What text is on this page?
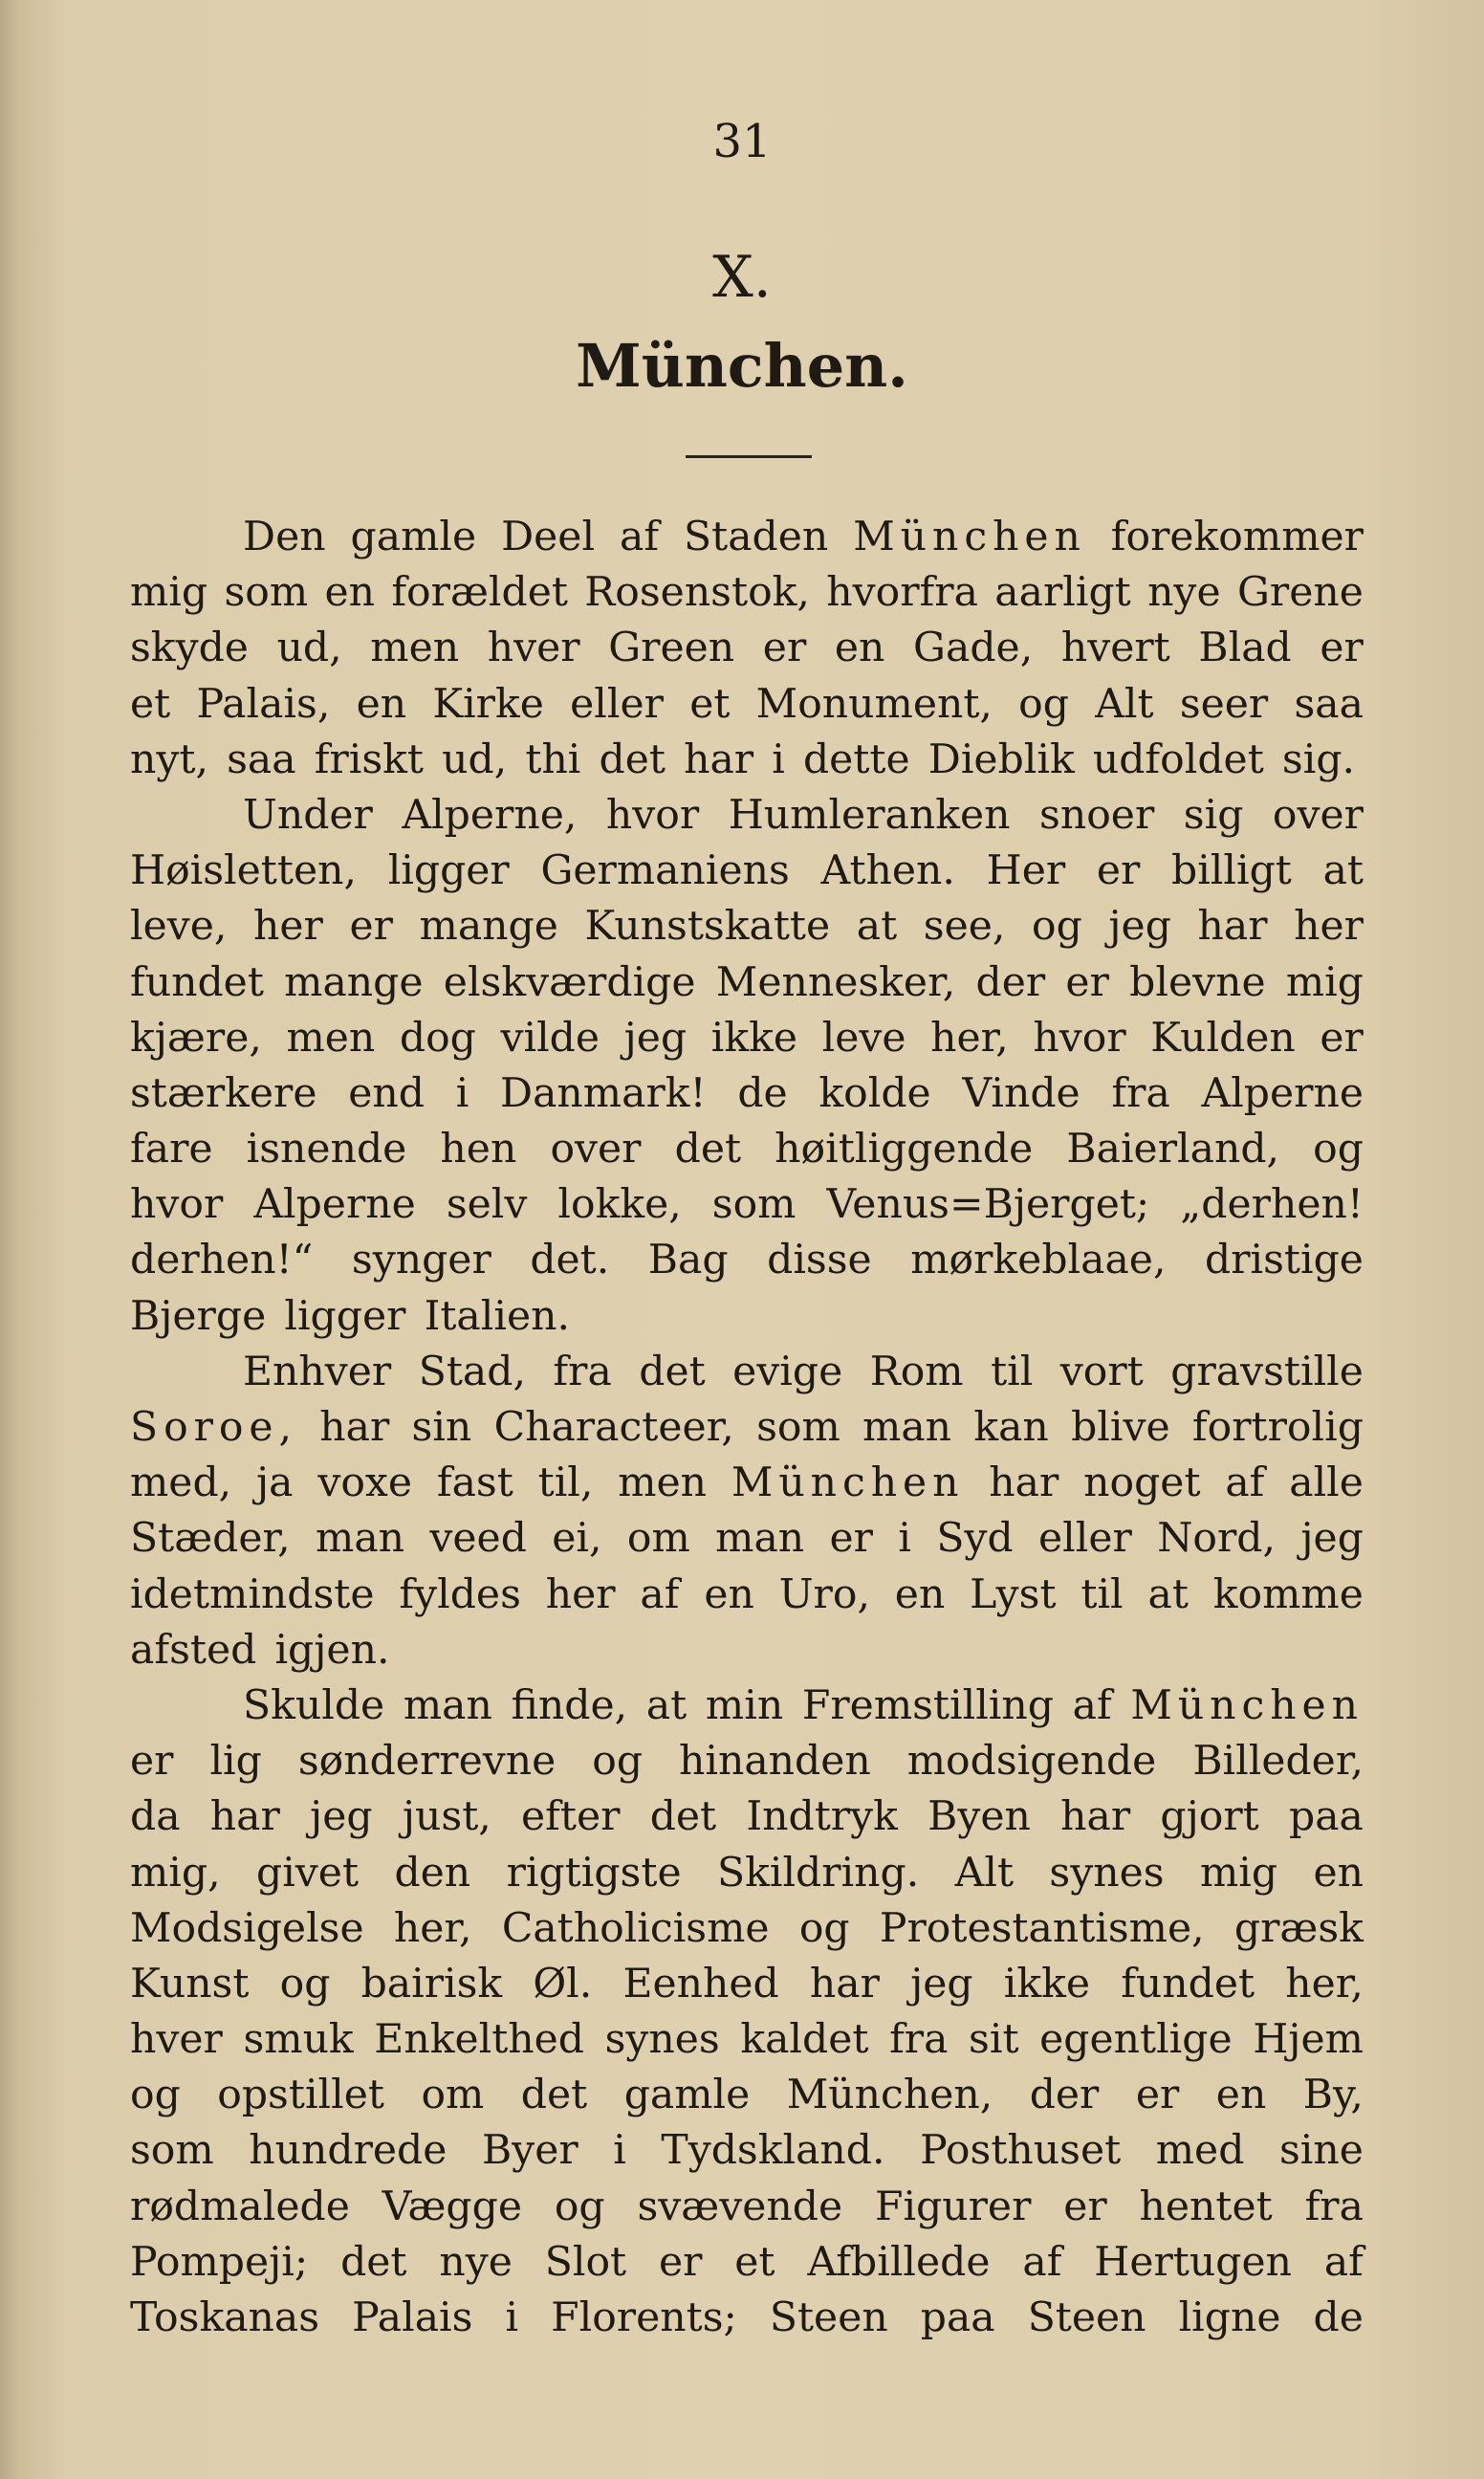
31
X.
München.
Den gamle Deel af Staden München forekommer
mig som en forældet Rosenstok, hvorfra aarligt nye Grene
skyde ud, men hver Green er en Gade, hvert Blad er
et Palais, en Kirke eller et Monument, og Alt seer saa
nyt, saa friskt ud, thi det har i dette Dieblik udfoldet sig.
Under Alperne, hvor Humleranken snoer sig over
Høisletten, ligger Germaniens Athen. Her er billigt at
leve, her er mange Kunstskatte at see, og jeg har her
fundet mange elskværdige Mennesker, der er blevne mig
kjære, men dog vilde jeg ikke leve her, hvor Kulden er
stærkere end i Danmark! de kolde Vinde fra Alperne
fare isnende hen over det høitliggende Baierland, og
hvor Alperne selv lokke, som Venus=Bjerget; „derhen!
derhen!“ synger det. Bag disse mørkeblaae, dristige
Bjerge ligger Italien.
Enhver Stad, fra det evige Rom til vort gravstille
Soroe, har sin Characteer, som man kan blive fortrolig
med, ja voxe fast til, men München har noget af alle
Stæder, man veed ei, om man er i Syd eller Nord, jeg
idetmindste fyldes her af en Uro, en Lyst til at komme
afsted igjen.
Skulde man finde, at min Fremstilling af München
er lig sønderrevne og hinanden modsigende Billeder,
da har jeg just, efter det Indtryk Byen har gjort paa
mig, givet den rigtigste Skildring. Alt synes mig en
Modsigelse her, Catholicisme og Protestantisme, græsk
Kunst og bairisk Øl. Eenhed har jeg ikke fundet her,
hver smuk Enkelthed synes kaldet fra sit egentlige Hjem
og opstillet om det gamle München, der er en By,
som hundrede Byer i Tydskland. Posthuset med sine
rødmalede Vægge og svævende Figurer er hentet fra
Pompeji; det nye Slot er et Afbillede af Hertugen af
Toskanas Palais i Florents; Steen paa Steen ligne de
